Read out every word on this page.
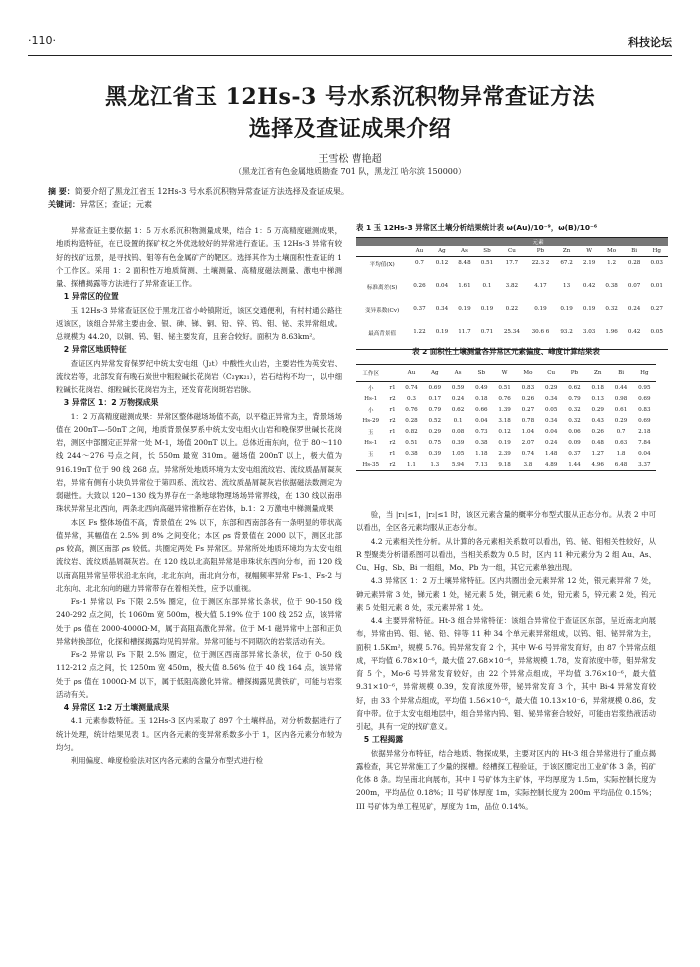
·110·	科技论坛
黑龙江省玉 12Hs-3 号水系沉积物异常查证方法
选择及查证成果介绍
王雪松 曹艳超
（黑龙江省有色金属地质勘查 701 队，黑龙江 哈尔滨 150000）
摘 要：简要介绍了黑龙江省玉 12Hs-3 号水系沉积物异常查证方法选择及查证成果。
关键词：异常区；查证；元素

异常查证主要依据 1：5 万水系沉积物测量成果，结合 1：5 万高精度磁测成果，地质构造特征，在已设置的探矿权之外优选较好的异常进行查证。玉 12Hs-3 异常有较好的找矿远景，是寻找钨、钼等有色金属矿产的靶区。选择其作为土壤面积性查证的 1 个工作区。采用 1：2 面积性万地质简测、土壤测量、高精度磁法测量、激电中梯测量、探槽揭露等方法进行了异常查证工作。

1 异常区的位置

玉 12Hs-3 异常查证区位于黑龙江省小岭镇附近，该区交通便利，有村村通公路往返该区，该组合异常主要由金、银、砷、锑、铜、铅、锌、钨、钼、铋、汞异常组成。总规模为 44.20，以铜、钨、钼、铋主要发育，且套合较好。面积为 8.63km²。

2 异常区地质特征

查证区内异常发育保罗纪中统太安屯组（J₂t）中酸性火山岩，主要岩性为英安岩、流纹岩等，北部发育有晚石炭世中粗粒碱长花岗岩（C₂γκ₂₁），岩石结构不均一，以中细粒碱长花岗岩、细粒碱长花岗岩为主，还发育花岗斑岩岩脉。

3 异常区 1：2 万物探成果

1：2 万高精度磁测成果：异常区整体磁场场值不高，以平稳正异常为主，背景场场值在 200nT—-50nT 之间，地质背景保罗系中统太安屯组火山岩和晚保罗世碱长花岗岩，测区中部圈定正异常一处 M-1，场值 200nT 以上。总体近南东向，位于 80～110 线 244～276 号点之间，长 550m 最宽 310m。磁场值 200nT 以上，极大值为 916.19nT 位于 90 线 268 点。异常所处地质环境为太安屯组流纹岩、流纹质晶屑凝灰岩，异常有侧有小块负异常位于第四系、流纹岩、流纹质晶屑凝灰岩依据磁法数测定为弱磁性。大致以 120~130 线为界存在一条地球物理场场异常界线，在 130 线以南串珠状异常呈北西向，两条北西向高磁异常推断存在岩体，b.1：2 万激电中梯测量成果

本区 Fs 整体场值不高，背景值在 2% 以下，东部和西南部各有一条明显的带状高值异常，其幅值在 2.5% 到 8% 之间变化；本区 ρs 背景值在 2000 以下，测区北部 ρs 较高，测区南部 ρs 较低。共圈定两处 Fs 异常区。异常所处地质环境均为太安屯组流纹岩、流纹质晶屑凝灰岩。在 120 线以北高阻异常是串珠状东西向分布，而 120 线以南高阻异常呈带状沿北东向，北北东向，南北向分布，视幅频率异常 Fs-1、Fs-2 与北东向、北北东向的磁力异常带存在着相关性，应予以重视。

Fs-1 异常以 Fs 下限 2.5% 圈定，位于测区东部异常长条状，位于 90-150 线 240-292 点之间，长 1060m 宽 500m，极大值 5.19% 位于 100 线 252 点，该异常处于 ρs 值在 2000-4000Ω·M，属于高阻高激化异常。位于 M-1 磁异常中上部和正负异常转换部位，化探和槽探揭露均见钨异常。异常可能与不同期次的岩浆活动有关。

Fs-2 异常以 Fs 下限 2.5% 圈定，位于测区西南部异常长条状，位于 0-50 线 112-212 点之间，长 1250m 宽 450m，极大值 8.56% 位于 40 线 164 点，该异常处于 ρs 值在 1000Ω·M 以下，属于低阻高激化异常。槽探揭露见黄铁矿，可能与岩浆活动有关。

4 异常区 1:2 万土壤测量成果

4.1 元素参数特征。玉 12Hs-3 区内采取了 897 个土壤样品，对分析数据进行了统计处理，统计结果见表 1。区内各元素的变异常系数多小于 1，区内各元素分布较为均匀。

利用偏度、峰度检验法对区内各元素的含量分布型式进行检

表 1 玉 12Hs-3 异常区土壤分析结果统计表 ω(Au)/10⁻⁹，ω(B)/10⁻⁶
	元素										
	Au	Ag	As	Sb	Cu	Pb	Zn	W	Mo	Bi	Hg
平均值(X)	0.7	0.12	8.48	0.51	17.7	22.3 2	67.2	2.19	1.2	0.28	0.03
标准离差(S)	0.26	0.04	1.61	0.1	3.82	4.17	13	0.42	0.38	0.07	0.01
变异系数(Cv)	0.37	0.34	0.19	0.19	0.22	0.19	0.19	0.19	0.32	0.24	0.27
最高背景值	1.22	0.19	11.7	0.71	25.34	30.6 6	93.2	3.03	1.96	0.42	0.05
表 2 面积性土壤测量各异常区元素偏度、峰度计算结果表
工作区		Au	Ag	As	Sb	W	Mo	Cu	Pb	Zn	Bi	Hg
小	r1	0.74	0.69	0.59	0.49	0.51	0.83	0.29	0.62	0.18	0.44	0.95
Hs-1	r2	0.3	0.17	0.24	0.18	0.76	0.26	0.34	0.79	0.13	0.98	0.69
小	r1	0.76	0.79	0.62	0.66	1.39	0.27	0.05	0.32	0.29	0.61	0.83
Hs-29	r2	0.28	0.52	0.1	0.04	3.18	0.78	0.34	0.32	0.43	0.29	0.69
玉	r1	0.82	0.29	0.08	0.73	0.12	1.04	0.04	0.06	0.26	0.7	2.18
Hs-1	r2	0.51	0.75	0.39	0.38	0.19	2.07	0.24	0.09	0.48	0.63	7.84
玉	r1	0.38	0.39	1.05	1.18	2.39	0.74	1.48	0.37	1.27	1.8	0.04
Hs-35	r2	1.1	1.3	5.94	7.13	9.18	3.8	4.89	1.44	4.96	6.48	3.37

验，当 |r₁|≤1，|r₂|≤1 时，该区元素含量的概率分布型式服从正态分布。从表 2 中可以看出，全区各元素均服从正态分布。

4.2 元素相关性分析。从计算的各元素相关系数可以看出，钨、铋、钼相关性较好，从 R 型聚类分析谱系图可以看出，当相关系数为 0.5 时，区内 11 种元素分为 2 组 Au、As、Cu、Hg、Sb、Bi 一组组，Mo、Pb 为一组，其它元素单独出现。

4.3 异常区 1：2 万土壤异常特征。区内共圈出金元素异常 12 处，银元素异常 7 处，砷元素异常 3 处，锑元素 1 处，铋元素 5 处，铜元素 6 处，铅元素 5，锌元素 2 处，钨元素 5 处钼元素 8 处，汞元素异常 1 处。

4.4 主要异常特征。Ht-3 组合异常特征：该组合异常位于查证区东部，呈近南北向展布，异常由钨、钼、铋、铅、锌等 11 种 34 个单元素异常组成，以钨、钼、铋异常为主，面积 1.5Km²，规模 5.76。钨异常发育 2 个，其中 W-6 号异常发育好，由 87 个异常点组成，平均值 6.78×10⁻⁶，最大值 27.68×10⁻⁶，异常规模 1.78，发育浓度中带，钼异常发育 5 个，Mo-6 号异常发育较好，由 22 个异常点组成，平均值 3.76×10⁻⁶，最大值 9.31×10⁻⁶，异常规模 0.39，发育浓度外带，铋异常发育 3 个，其中 Bi-4 异常发育较好，由 33 个异常点组成，平均值 1.56×10⁻⁶，最大值 10.13×10⁻6，异常规模 0.86，发育中带。位于太安屯组地层中，组合异常内钨、钼、铋异常套合较好，可能由岩浆热液活动引起，具有一定的找矿意义。

5 工程揭露

依据异常分布特征，结合地质、物探成果，主要对区内的 Ht-3 组合异常进行了重点揭露检查，其它异常施工了少量的探槽。经槽探工程验证，于该区圈定出工业矿体 3 条，钨矿化体 8 条。均呈南北向展布，其中 I 号矿体为主矿体，平均厚度为 1.5m，实际控制长度为 200m，平均品位 0.18%；II 号矿体厚度 1m，实际控制长度为 200m 平均品位 0.15%；III 号矿体为单工程见矿，厚度为 1m，品位 0.14%。
